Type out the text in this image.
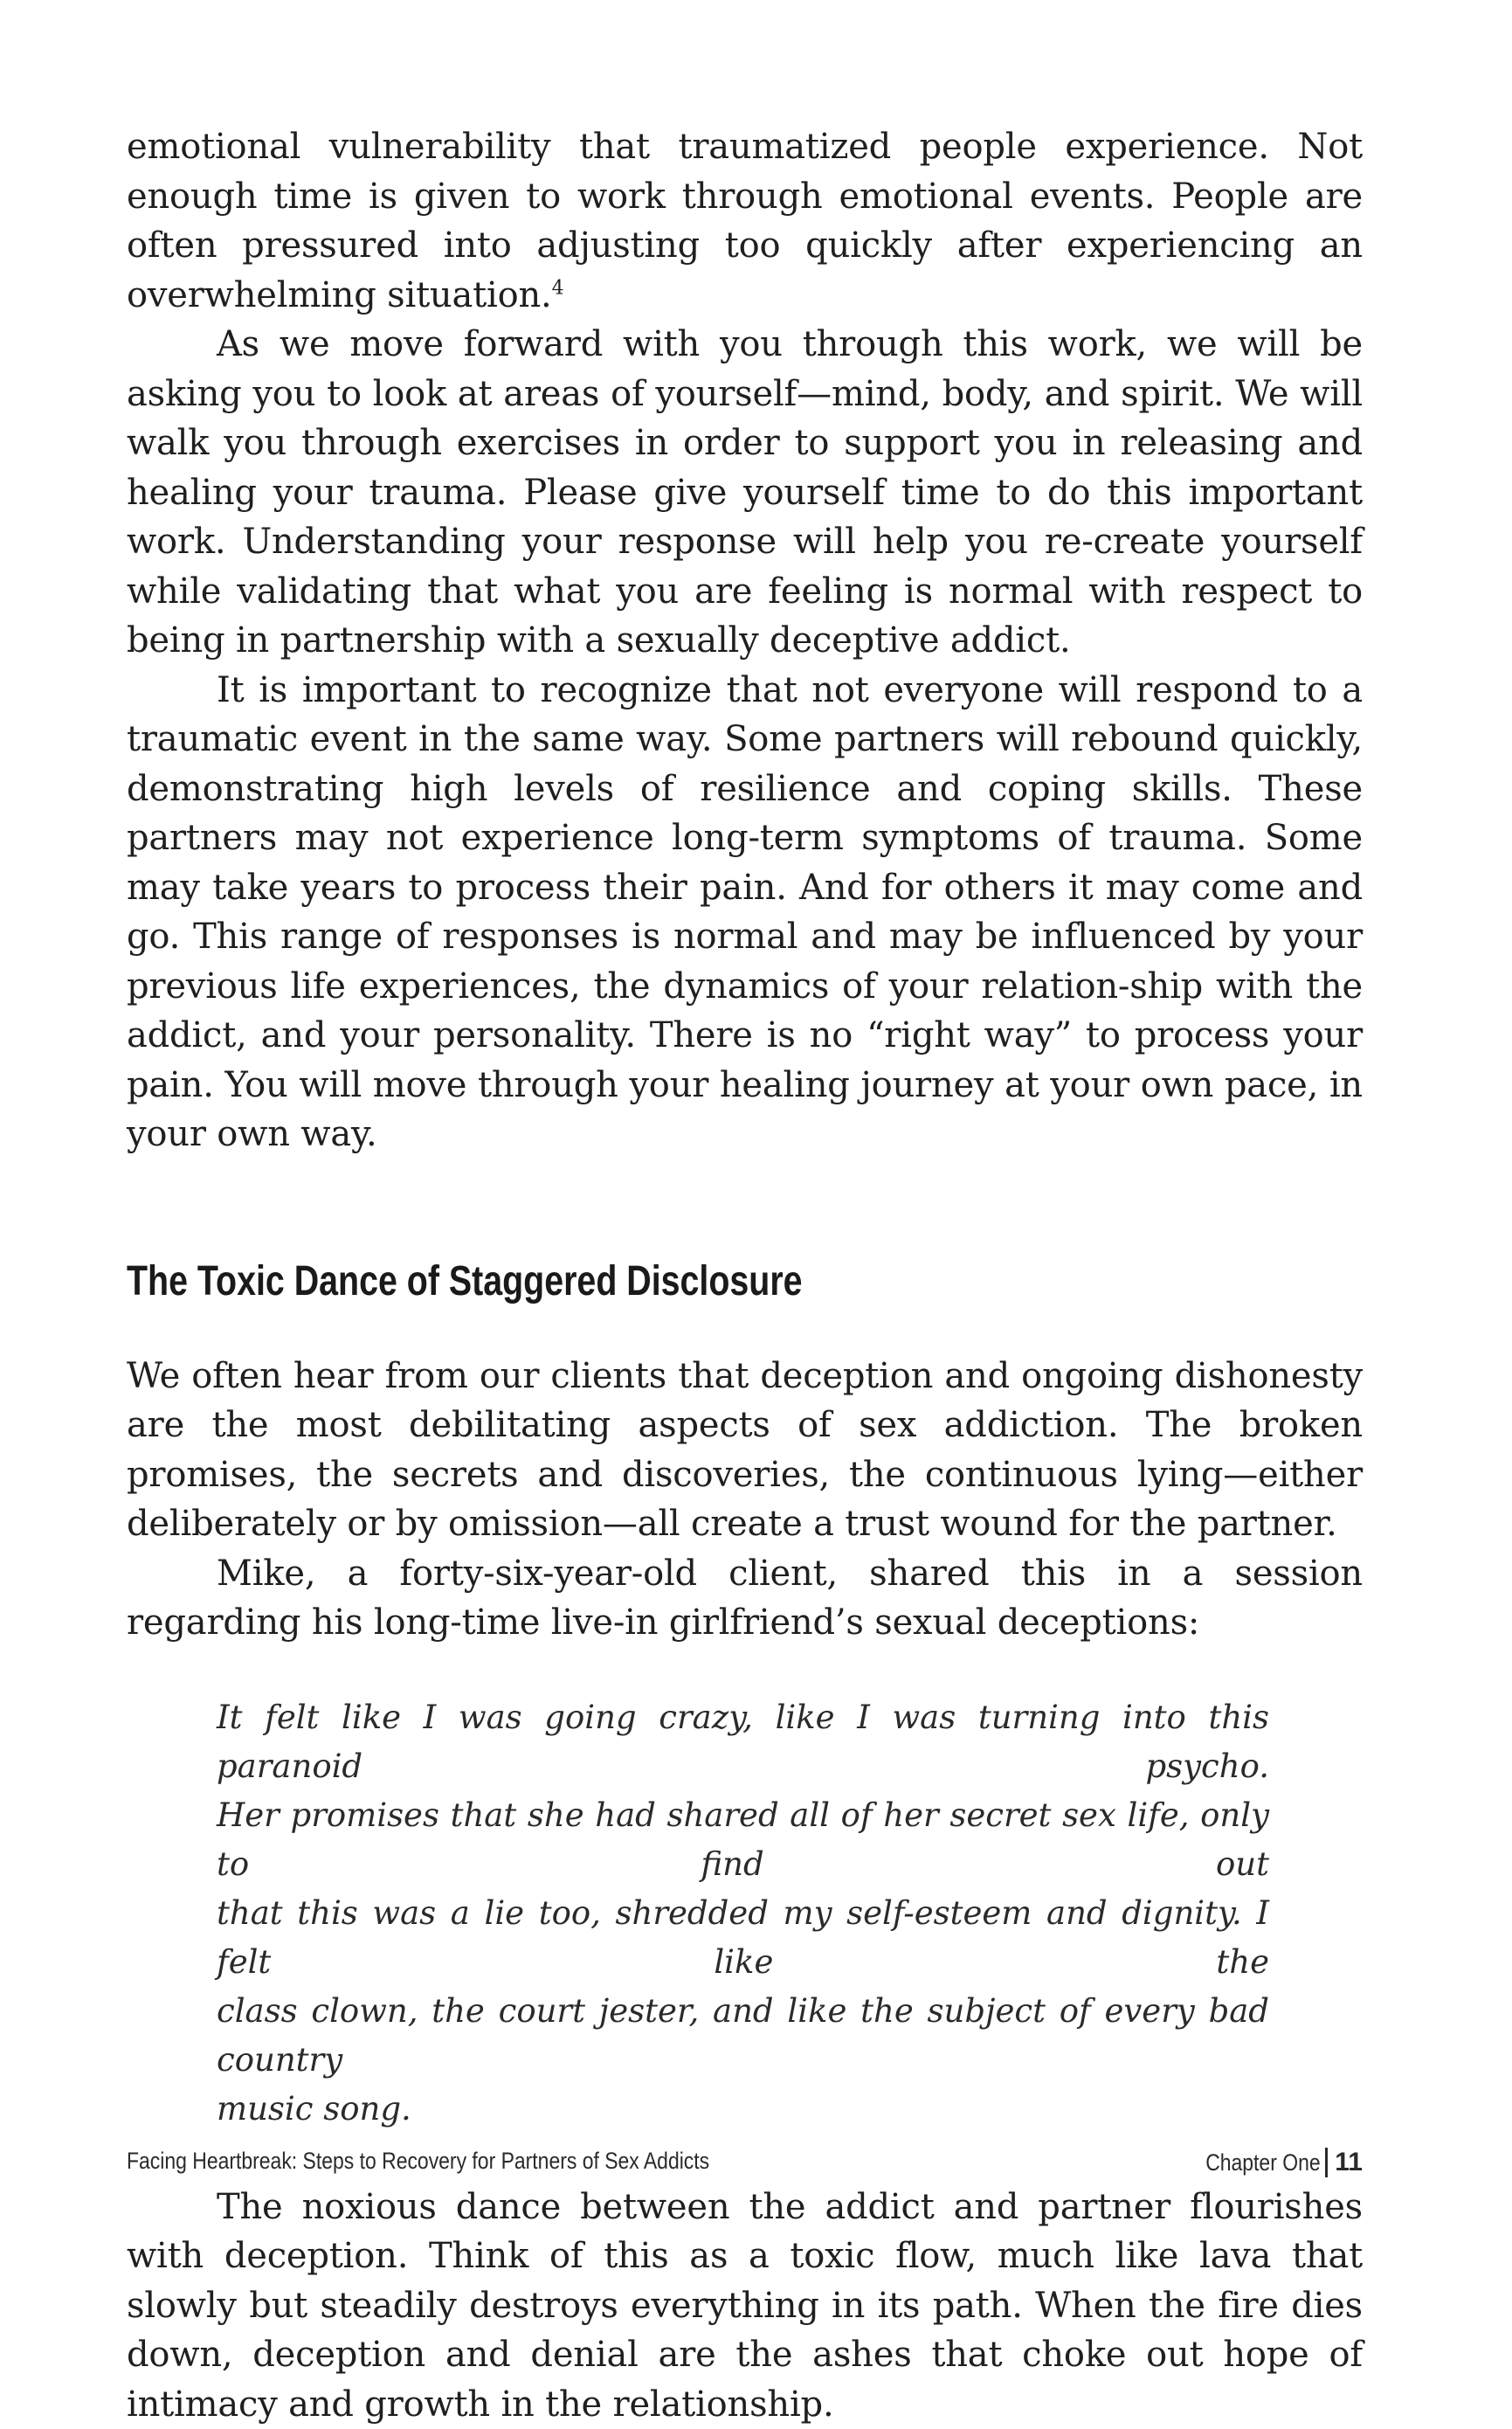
emotional vulnerability that traumatized people experience. Not enough time is given to work through emotional events. People are often pressured into adjusting too quickly after experiencing an overwhelming situation.$^4$

As we move forward with you through this work, we will be asking you to look at areas of yourself—mind, body, and spirit. We will walk you through exercises in order to support you in releasing and healing your trauma. Please give yourself time to do this important work. Understanding your response will help you re-create yourself while validating that what you are feeling is normal with respect to being in partnership with a sexually deceptive addict.

It is important to recognize that not everyone will respond to a traumatic event in the same way. Some partners will rebound quickly, demonstrating high levels of resilience and coping skills. These partners may not experience long-term symptoms of trauma. Some may take years to process their pain. And for others it may come and go. This range of responses is normal and may be influenced by your previous life experiences, the dynamics of your relation-ship with the addict, and your personality. There is no “right way” to process your pain. You will move through your healing journey at your own pace, in your own way.

The Toxic Dance of Staggered Disclosure

We often hear from our clients that deception and ongoing dishonesty are the most debilitating aspects of sex addiction. The broken promises, the secrets and discoveries, the continuous lying—either deliberately or by omission—all create a trust wound for the partner.

Mike, a forty-six-year-old client, shared this in a session regarding his long-time live-in girlfriend’s sexual deceptions:

It felt like I was going crazy, like I was turning into this paranoid psycho.
Her promises that she had shared all of her secret sex life, only to find out
that this was a lie too, shredded my self-esteem and dignity. I felt like the
class clown, the court jester, and like the subject of every bad country
music song.

The noxious dance between the addict and partner flourishes with deception. Think of this as a toxic flow, much like lava that slowly but steadily destroys everything in its path. When the fire dies down, deception and denial are the ashes that choke out hope of intimacy and growth in the relationship.

Facing Heartbreak: Steps to Recovery for Partners of Sex Addicts	Chapter One 11
